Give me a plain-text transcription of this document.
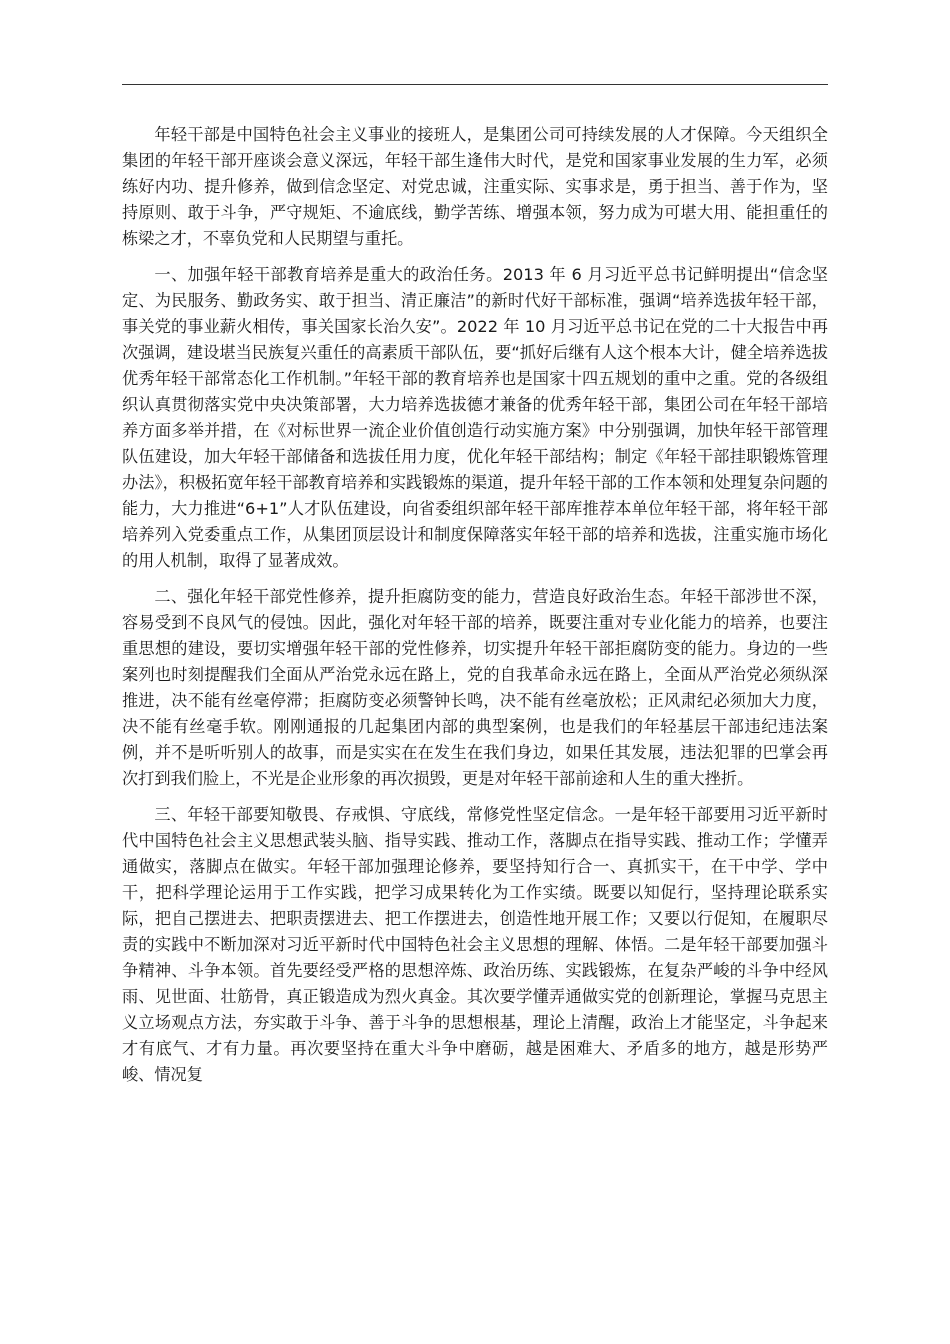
年轻干部是中国特色社会主义事业的接班人，是集团公司可持续发展的人才保障。今天组织全集团的年轻干部开座谈会意义深远，年轻干部生逢伟大时代，是党和国家事业发展的生力军，必须练好内功、提升修养，做到信念坚定、对党忠诚，注重实际、实事求是，勇于担当、善于作为，坚持原则、敢于斗争，严守规矩、不逾底线，勤学苦练、增强本领，努力成为可堪大用、能担重任的栋梁之才，不辜负党和人民期望与重托。

一、加强年轻干部教育培养是重大的政治任务。2013 年 6 月习近平总书记鲜明提出“信念坚定、为民服务、勤政务实、敢于担当、清正廉洁”的新时代好干部标准，强调“培养选拔年轻干部，事关党的事业薪火相传，事关国家长治久安”。2022 年 10 月习近平总书记在党的二十大报告中再次强调，建设堪当民族复兴重任的高素质干部队伍，要“抓好后继有人这个根本大计，健全培养选拔优秀年轻干部常态化工作机制。”年轻干部的教育培养也是国家十四五规划的重中之重。党的各级组织认真贯彻落实党中央决策部署，大力培养选拔德才兼备的优秀年轻干部，集团公司在年轻干部培养方面多举并措，在《对标世界一流企业价值创造行动实施方案》中分别强调，加快年轻干部管理队伍建设，加大年轻干部储备和选拔任用力度，优化年轻干部结构；制定《年轻干部挂职锻炼管理办法》，积极拓宽年轻干部教育培养和实践锻炼的渠道，提升年轻干部的工作本领和处理复杂问题的能力，大力推进“6+1”人才队伍建设，向省委组织部年轻干部库推荐本单位年轻干部，将年轻干部培养列入党委重点工作，从集团顶层设计和制度保障落实年轻干部的培养和选拔，注重实施市场化的用人机制，取得了显著成效。

二、强化年轻干部党性修养，提升拒腐防变的能力，营造良好政治生态。年轻干部涉世不深，容易受到不良风气的侵蚀。因此，强化对年轻干部的培养，既要注重对专业化能力的培养，也要注重思想的建设，要切实增强年轻干部的党性修养，切实提升年轻干部拒腐防变的能力。身边的一些案列也时刻提醒我们全面从严治党永远在路上，党的自我革命永远在路上，全面从严治党必须纵深推进，决不能有丝毫停滞；拒腐防变必须警钟长鸣，决不能有丝毫放松；正风肃纪必须加大力度，决不能有丝毫手软。刚刚通报的几起集团内部的典型案例，也是我们的年轻基层干部违纪违法案例，并不是听听别人的故事，而是实实在在发生在我们身边，如果任其发展，违法犯罪的巴掌会再次打到我们脸上，不光是企业形象的再次损毁，更是对年轻干部前途和人生的重大挫折。

三、年轻干部要知敬畏、存戒惧、守底线，常修党性坚定信念。一是年轻干部要用习近平新时代中国特色社会主义思想武装头脑、指导实践、推动工作，落脚点在指导实践、推动工作；学懂弄通做实，落脚点在做实。年轻干部加强理论修养，要坚持知行合一、真抓实干，在干中学、学中干，把科学理论运用于工作实践，把学习成果转化为工作实绩。既要以知促行，坚持理论联系实际，把自己摆进去、把职责摆进去、把工作摆进去，创造性地开展工作；又要以行促知，在履职尽责的实践中不断加深对习近平新时代中国特色社会主义思想的理解、体悟。二是年轻干部要加强斗争精神、斗争本领。首先要经受严格的思想淬炼、政治历练、实践锻炼，在复杂严峻的斗争中经风雨、见世面、壮筋骨，真正锻造成为烈火真金。其次要学懂弄通做实党的创新理论，掌握马克思主义立场观点方法，夯实敢于斗争、善于斗争的思想根基，理论上清醒，政治上才能坚定，斗争起来才有底气、才有力量。再次要坚持在重大斗争中磨砺，越是困难大、矛盾多的地方，越是形势严峻、情况复
